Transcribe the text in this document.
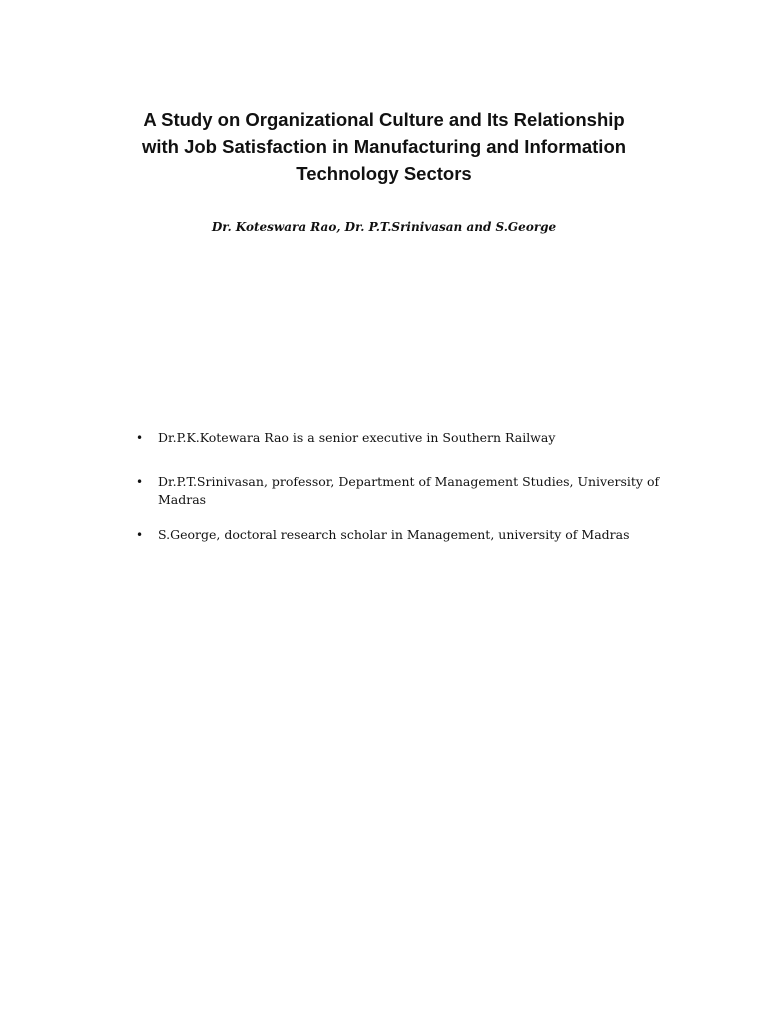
A Study on Organizational Culture and Its Relationship
with Job Satisfaction in Manufacturing and Information
Technology Sectors
Dr. Koteswara Rao, Dr. P.T.Srinivasan and S.George
• Dr.P.K.Kotewara Rao is a senior executive in Southern Railway
• Dr.P.T.Srinivasan, professor, Department of Management Studies, University of Madras
• S.George, doctoral research scholar in Management, university of Madras
